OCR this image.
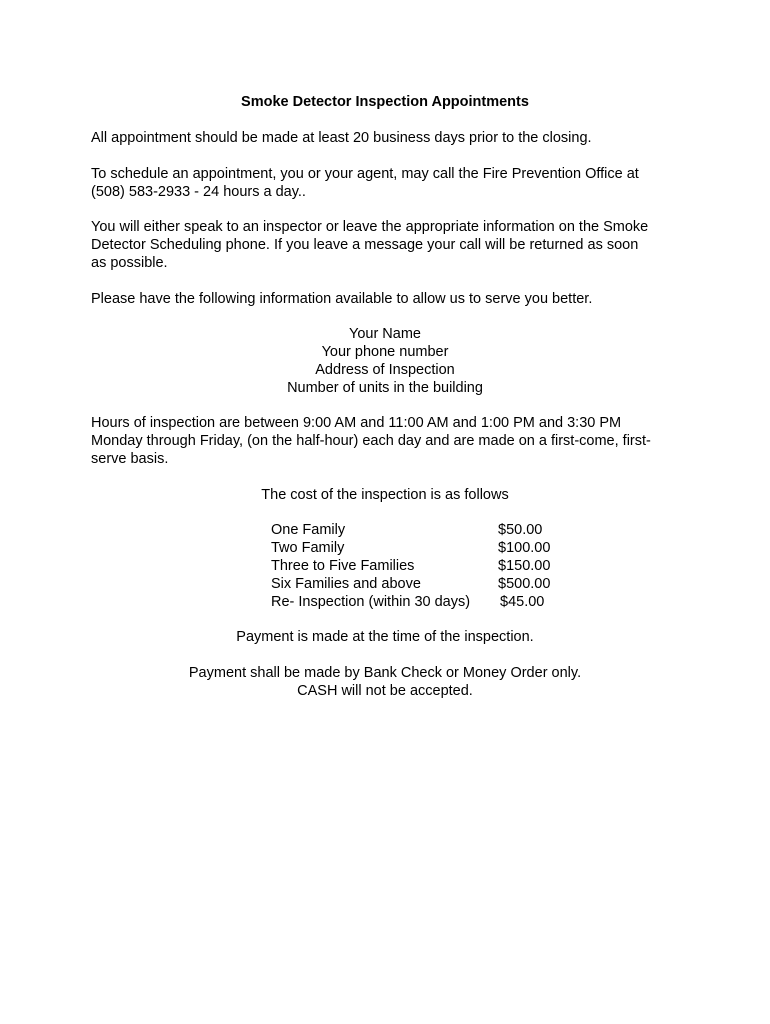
Smoke Detector Inspection Appointments
All appointment should be made at least 20 business days prior to the closing.
To schedule an appointment, you or your agent, may call the Fire Prevention Office at
(508) 583-2933 - 24 hours a day..
You will either speak to an inspector or leave the appropriate information on the Smoke
Detector Scheduling phone. If you leave a message your call will be returned as soon
as possible.
Please have the following information available to allow us to serve you better.
Your Name
Your phone number
Address of Inspection
Number of units in the building
Hours of inspection are between 9:00 AM and 11:00 AM and 1:00 PM and 3:30 PM
Monday through Friday, (on the half-hour) each day and are made on a first-come, first-
serve basis.
The cost of the inspection is as follows
One Family	$50.00
Two Family	$100.00
Three to Five Families	$150.00
Six Families and above	$500.00
Re- Inspection (within 30 days) $45.00
Payment is made at the time of the inspection.
Payment shall be made by Bank Check or Money Order only.
CASH will not be accepted.
